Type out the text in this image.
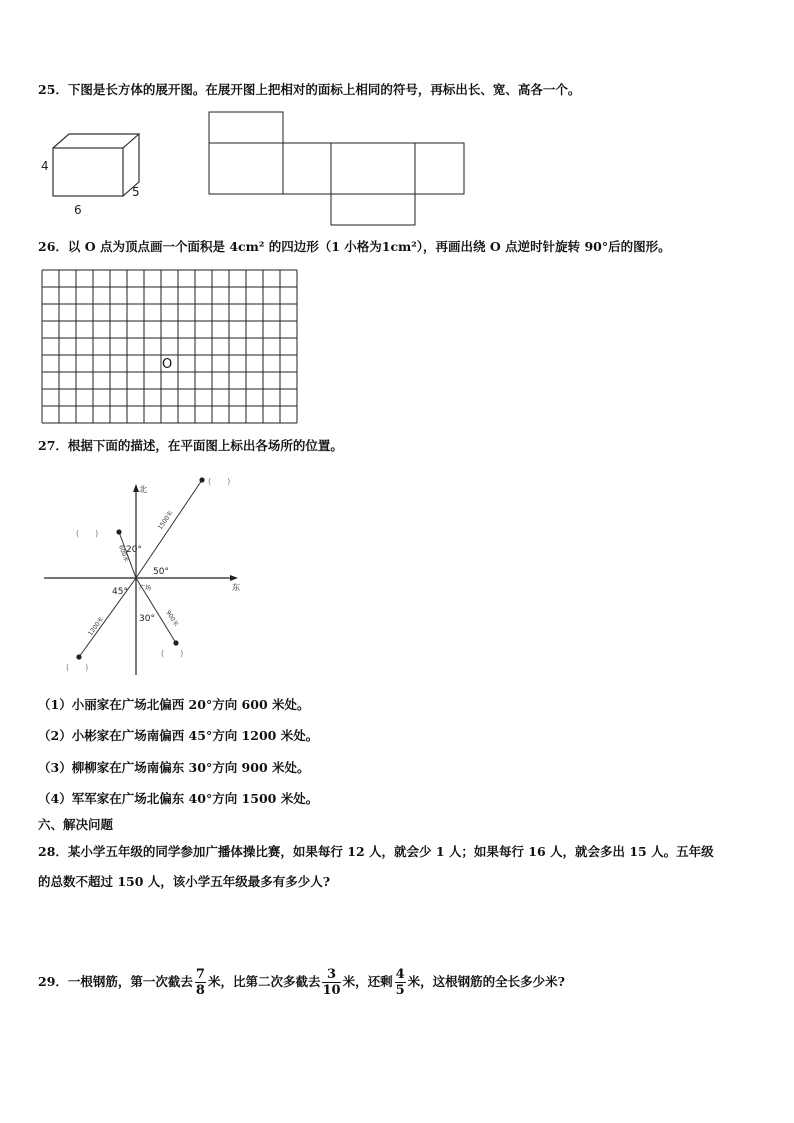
25．下图是长方体的展开图。在展开图上把相对的面标上相同的符号，再标出长、宽、高各一个。
4
5
6
26．以 O 点为顶点画一个面积是 4cm² 的四边形（1 小格为1cm²），再画出绕 O 点逆时针旋转 90°后的图形。
O
27．根据下面的描述，在平面图上标出各场所的位置。
北
东
广场
(　　)
(　　)
(　　)
(　　)
20°
50°
45°
30°
600米
1500米
1200米	900米
（1）小丽家在广场北偏西 20°方向 600 米处。
（2）小彬家在广场南偏西 45°方向 1200 米处。
（3）柳柳家在广场南偏东 30°方向 900 米处。
（4）军军家在广场北偏东 40°方向 1500 米处。
六、解决问题
28．某小学五年级的同学参加广播体操比赛，如果每行 12 人，就会少 1 人；如果每行 16 人，就会多出 15 人。五年级
的总数不超过 150 人，该小学五年级最多有多少人?
29．一根钢筋，第一次截去 $\frac{7}{8}$ 米，比第二次多截去 $\frac{3}{10}$ 米，还剩 $\frac{4}{5}$ 米，这根钢筋的全长多少米?
